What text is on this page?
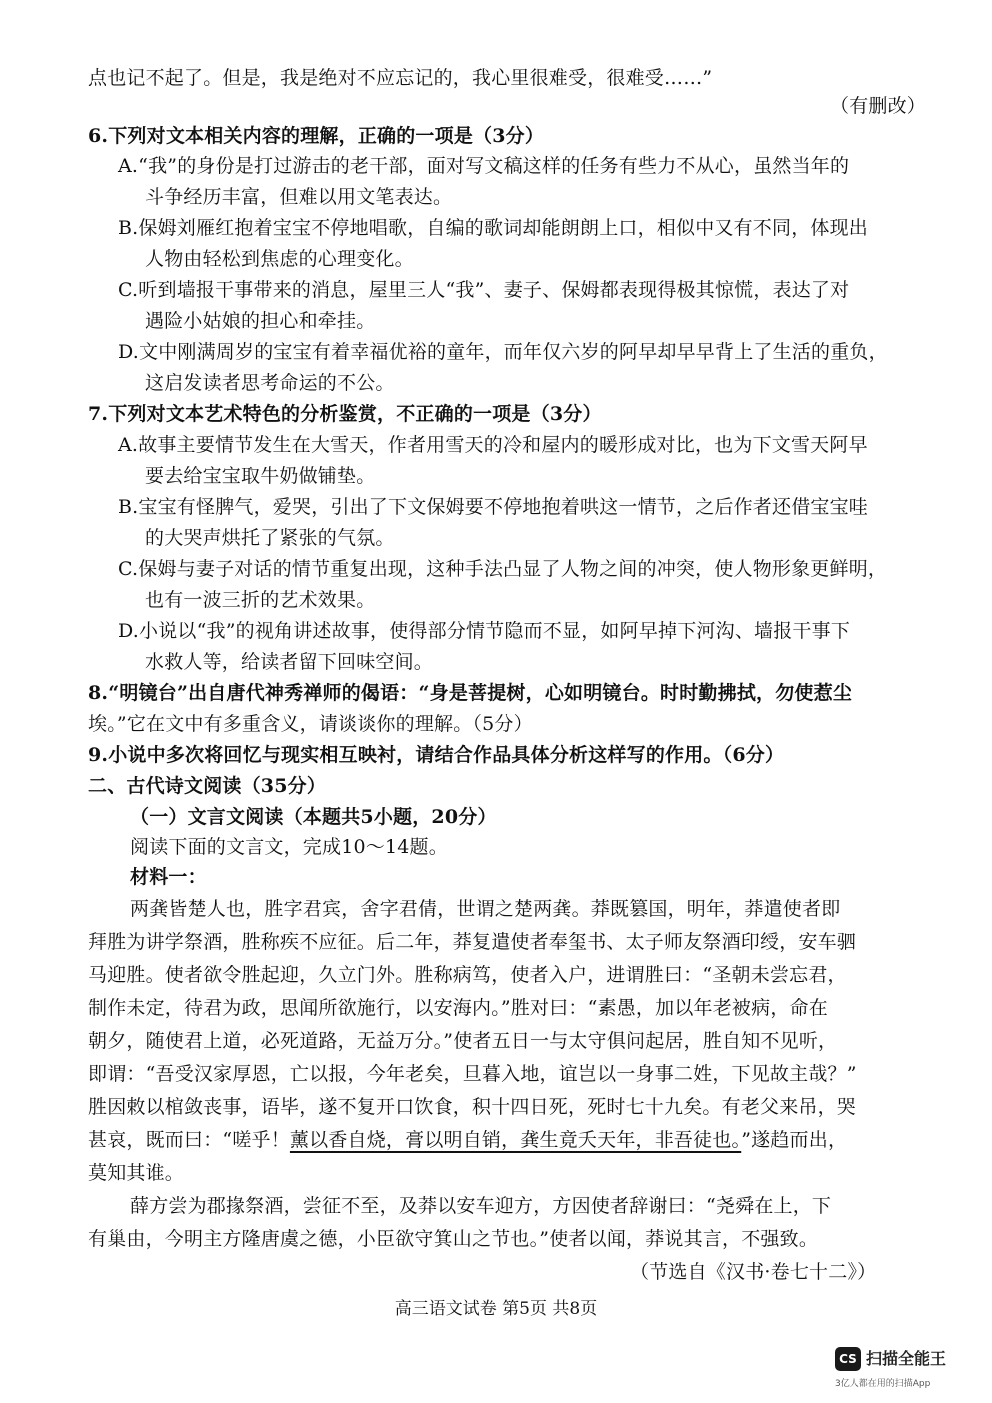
点也记不起了。但是，我是绝对不应忘记的，我心里很难受，很难受……”
（有删改）
6.下列对文本相关内容的理解，正确的一项是（3分）
A.“我”的身份是打过游击的老干部，面对写文稿这样的任务有些力不从心，虽然当年的
斗争经历丰富，但难以用文笔表达。
B.保姆刘雁红抱着宝宝不停地唱歌，自编的歌词却能朗朗上口，相似中又有不同，体现出
人物由轻松到焦虑的心理变化。
C.听到墙报干事带来的消息，屋里三人“我”、妻子、保姆都表现得极其惊慌，表达了对
遇险小姑娘的担心和牵挂。
D.文中刚满周岁的宝宝有着幸福优裕的童年，而年仅六岁的阿早却早早背上了生活的重负，
这启发读者思考命运的不公。
7.下列对文本艺术特色的分析鉴赏，不正确的一项是（3分）
A.故事主要情节发生在大雪天，作者用雪天的冷和屋内的暖形成对比，也为下文雪天阿早
要去给宝宝取牛奶做铺垫。
B.宝宝有怪脾气，爱哭，引出了下文保姆要不停地抱着哄这一情节，之后作者还借宝宝哇
的大哭声烘托了紧张的气氛。
C.保姆与妻子对话的情节重复出现，这种手法凸显了人物之间的冲突，使人物形象更鲜明，
也有一波三折的艺术效果。
D.小说以“我”的视角讲述故事，使得部分情节隐而不显，如阿早掉下河沟、墙报干事下
水救人等，给读者留下回味空间。
8.“明镜台”出自唐代神秀禅师的偈语：“身是菩提树，心如明镜台。时时勤拂拭，勿使惹尘
埃。”它在文中有多重含义，请谈谈你的理解。（5分）
9.小说中多次将回忆与现实相互映衬，请结合作品具体分析这样写的作用。（6分）
二、古代诗文阅读（35分）
（一）文言文阅读（本题共5小题，20分）
阅读下面的文言文，完成10～14题。
材料一：
两龚皆楚人也，胜字君宾，舍字君倩，世谓之楚两龚。莽既篡国，明年，莽遣使者即
拜胜为讲学祭酒，胜称疾不应征。后二年，莽复遣使者奉玺书、太子师友祭酒印绶，安车驷
马迎胜。使者欲令胜起迎，久立门外。胜称病笃，使者入户，进谓胜曰：“圣朝未尝忘君，
制作未定，待君为政，思闻所欲施行，以安海内。”胜对曰：“素愚，加以年老被病，命在
朝夕，随使君上道，必死道路，无益万分。”使者五日一与太守俱问起居，胜自知不见听，
即谓：“吾受汉家厚恩，亡以报，今年老矣，旦暮入地，谊岂以一身事二姓，下见故主哉？”
胜因敕以棺敛丧事，语毕，遂不复开口饮食，积十四日死，死时七十九矣。有老父来吊，哭
甚哀，既而曰：“嗟乎！薰以香自烧，膏以明自销，龚生竟夭天年，非吾徒也。”遂趋而出，
莫知其谁。
薛方尝为郡掾祭酒，尝征不至，及莽以安车迎方，方因使者辞谢曰：“尧舜在上，下
有巢由，今明主方隆唐虞之德，小臣欲守箕山之节也。”使者以闻，莽说其言，不强致。
（节选自《汉书·卷七十二》）
高三语文试卷 第5页 共8页
CS 扫描全能王
3亿人都在用的扫描App
